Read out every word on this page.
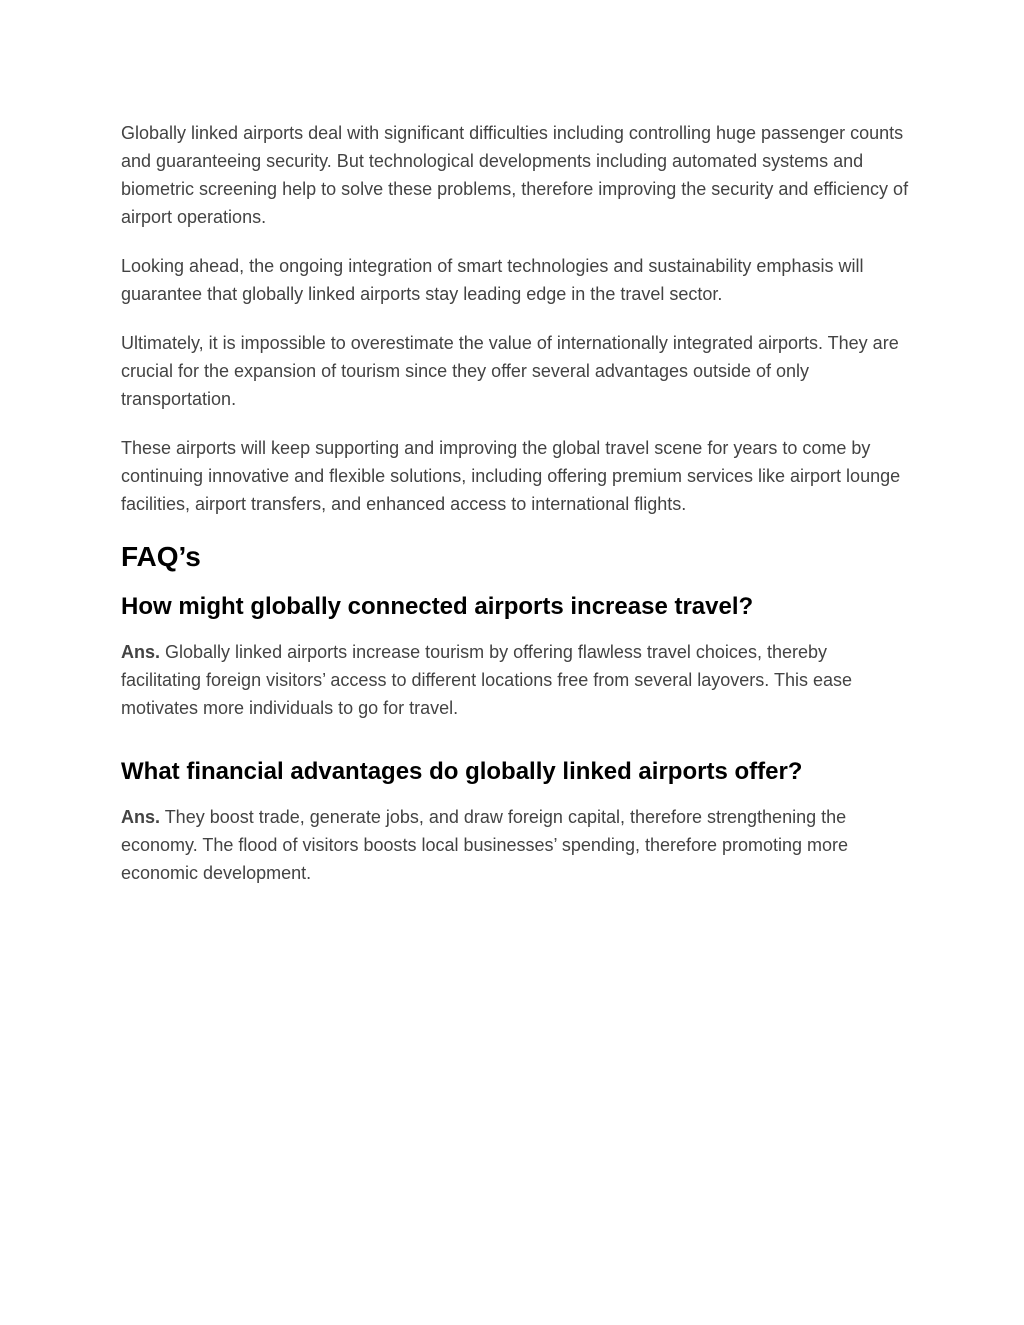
Globally linked airports deal with significant difficulties including controlling huge passenger counts and guaranteeing security. But technological developments including automated systems and biometric screening help to solve these problems, therefore improving the security and efficiency of airport operations.

Looking ahead, the ongoing integration of smart technologies and sustainability emphasis will guarantee that globally linked airports stay leading edge in the travel sector.

Ultimately, it is impossible to overestimate the value of internationally integrated airports. They are crucial for the expansion of tourism since they offer several advantages outside of only transportation.

These airports will keep supporting and improving the global travel scene for years to come by continuing innovative and flexible solutions, including offering premium services like airport lounge facilities, airport transfers, and enhanced access to international flights.

FAQ’s
How might globally connected airports increase travel?

Ans. Globally linked airports increase tourism by offering flawless travel choices, thereby facilitating foreign visitors’ access to different locations free from several layovers. This ease motivates more individuals to go for travel.

What financial advantages do globally linked airports offer?

Ans. They boost trade, generate jobs, and draw foreign capital, therefore strengthening the economy. The flood of visitors boosts local businesses’ spending, therefore promoting more economic development.
